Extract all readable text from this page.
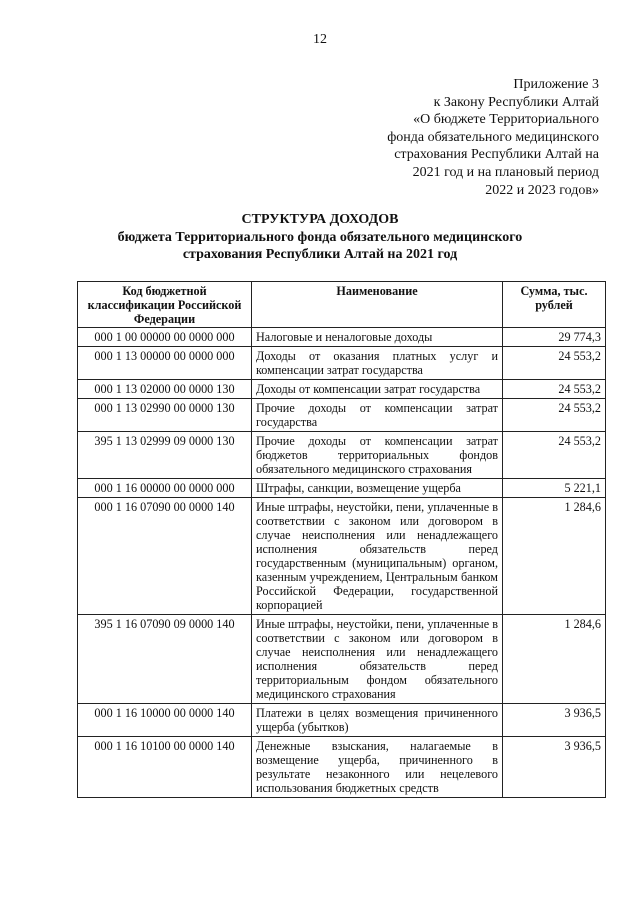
12
Приложение 3
к Закону Республики Алтай
«О бюджете Территориального
фонда обязательного медицинского
страхования Республики Алтай на
2021 год и на плановый период
2022 и 2023 годов»
СТРУКТУРА ДОХОДОВ
бюджета Территориального фонда обязательного медицинского
страхования Республики Алтай на 2021 год
Код бюджетной классификации Российской Федерации	Наименование	Сумма, тыс. рублей
000 1 00 00000 00 0000 000	Налоговые и неналоговые доходы	29 774,3
000 1 13 00000 00 0000 000	Доходы от оказания платных услуг и компенсации затрат государства	24 553,2
000 1 13 02000 00 0000 130	Доходы от компенсации затрат государства	24 553,2
000 1 13 02990 00 0000 130	Прочие доходы от компенсации затрат государства	24 553,2
395 1 13 02999 09 0000 130	Прочие доходы от компенсации затрат бюджетов территориальных фондов обязательного медицинского страхования	24 553,2
000 1 16 00000 00 0000 000	Штрафы, санкции, возмещение ущерба	5 221,1
000 1 16 07090 00 0000 140	Иные штрафы, неустойки, пени, уплаченные в соответствии с законом или договором в случае неисполнения или ненадлежащего исполнения обязательств перед государственным (муниципальным) органом, казенным учреждением, Центральным банком Российской Федерации, государственной корпорацией	1 284,6
395 1 16 07090 09 0000 140	Иные штрафы, неустойки, пени, уплаченные в соответствии с законом или договором в случае неисполнения или ненадлежащего исполнения обязательств перед территориальным фондом обязательного медицинского страхования	1 284,6
000 1 16 10000 00 0000 140	Платежи в целях возмещения причиненного ущерба (убытков)	3 936,5
000 1 16 10100 00 0000 140	Денежные взыскания, налагаемые в возмещение ущерба, причиненного в результате незаконного или нецелевого использования бюджетных средств	3 936,5
